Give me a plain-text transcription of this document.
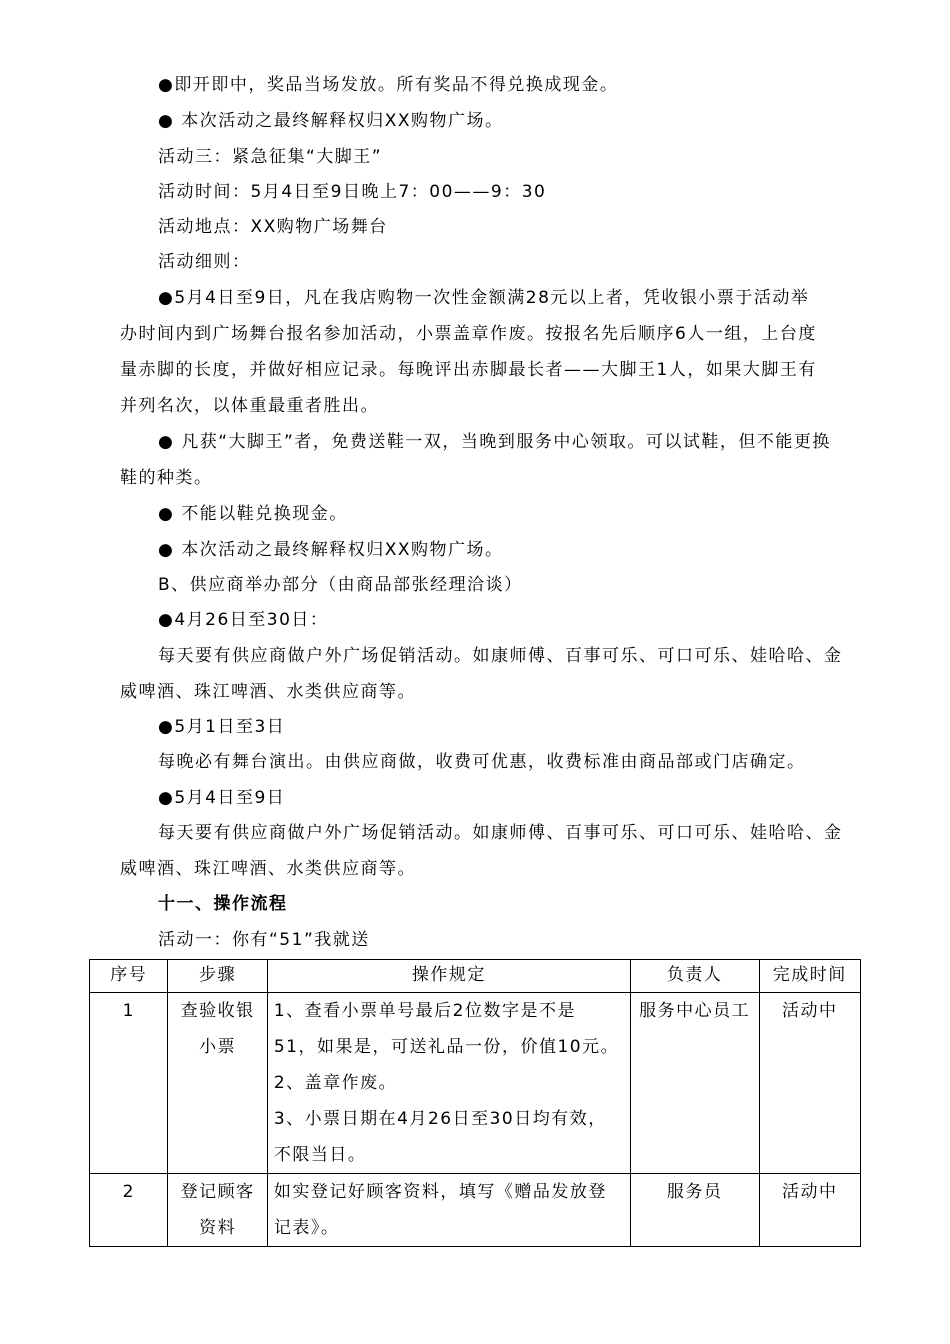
●即开即中，奖品当场发放。所有奖品不得兑换成现金。
● 本次活动之最终解释权归XX购物广场。
活动三：紧急征集“大脚王”
活动时间：5月4日至9日晚上7：00——9：30
活动地点：XX购物广场舞台
活动细则：
●5月4日至9日，凡在我店购物一次性金额满28元以上者，凭收银小票于活动举
办时间内到广场舞台报名参加活动，小票盖章作废。按报名先后顺序6人一组，上台度
量赤脚的长度，并做好相应记录。每晚评出赤脚最长者——大脚王1人，如果大脚王有
并列名次，以体重最重者胜出。
● 凡获“大脚王”者，免费送鞋一双，当晚到服务中心领取。可以试鞋，但不能更换
鞋的种类。
● 不能以鞋兑换现金。
● 本次活动之最终解释权归XX购物广场。
B、供应商举办部分（由商品部张经理洽谈）
●4月26日至30日：
每天要有供应商做户外广场促销活动。如康师傅、百事可乐、可口可乐、娃哈哈、金
威啤酒、珠江啤酒、水类供应商等。
●5月1日至3日
每晚必有舞台演出。由供应商做，收费可优惠，收费标准由商品部或门店确定。
●5月4日至9日
每天要有供应商做户外广场促销活动。如康师傅、百事可乐、可口可乐、娃哈哈、金
威啤酒、珠江啤酒、水类供应商等。
十一、操作流程
活动一：你有“51”我就送
序号	步骤	操作规定	负责人	完成时间
1	查验收银
小票	1、查看小票单号最后2位数字是不是
51，如果是，可送礼品一份，价值10元。
2、盖章作废。
3、小票日期在4月26日至30日均有效，
不限当日。	服务中心员工	活动中
2	登记顾客
资料	如实登记好顾客资料，填写《赠品发放登
记表》。	服务员	活动中
